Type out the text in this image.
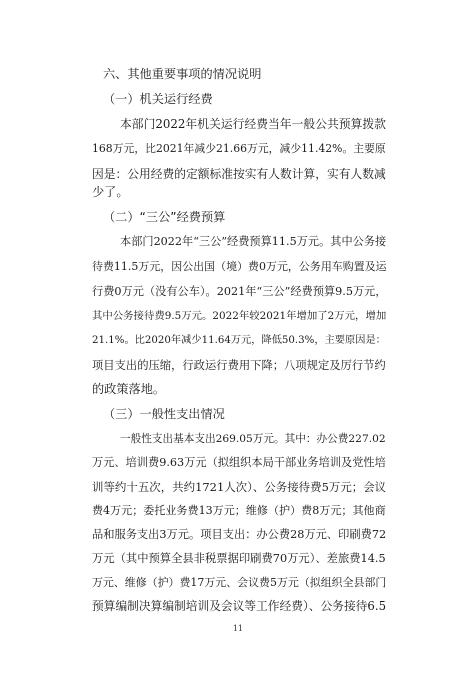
六、其他重要事项的情况说明
（一）机关运行经费
本部门2022年机关运行经费当年一般公共预算拨款
168万元，比2021年减少21.66万元，减少11.42%。主要原
因是：公用经费的定额标准按实有人数计算，实有人数减
少了。
（二）“三公”经费预算
本部门2022年“三公”经费预算11.5万元。其中公务接
待费11.5万元，因公出国（境）费0万元，公务用车购置及运
行费0万元（没有公车）。2021年“三公”经费预算9.5万元，
其中公务接待费9.5万元。2022年较2021年增加了2万元，增加
21.1%。比2020年减少11.64万元，降低50.3%，主要原因是：
项目支出的压缩，行政运行费用下降；八项规定及厉行节约
的政策落地。
（三）一般性支出情况
一般性支出基本支出269.05万元。其中：办公费227.02
万元、培训费9.63万元（拟组织本局干部业务培训及党性培
训等约十五次，共约1721人次）、公务接待费5万元；会议
费4万元；委托业务费13万元；维修（护）费8万元；其他商
品和服务支出3万元。项目支出：办公费28万元、印刷费72
万元（其中预算全县非税票据印刷费70万元）、差旅费14.5
万元、维修（护）费17万元、会议费5万元（拟组织全县部门
预算编制决算编制培训及会议等工作经费）、公务接待6.5
11
